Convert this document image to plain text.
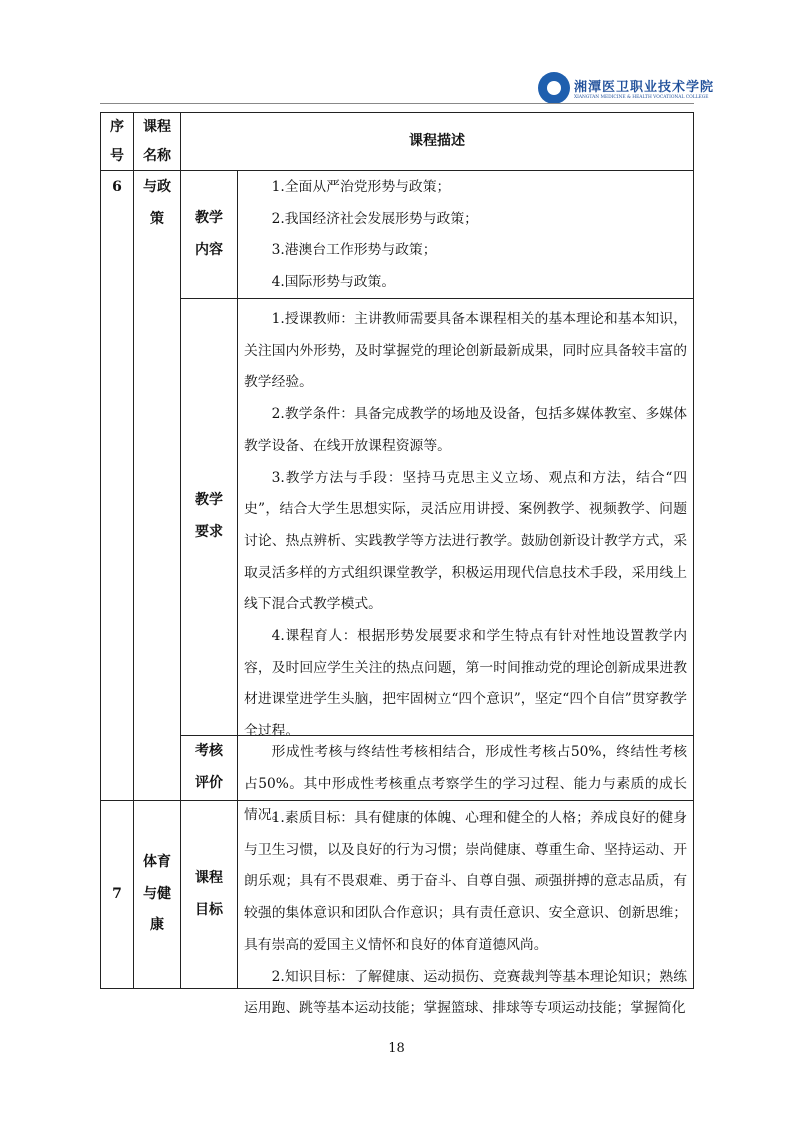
湘潭医卫职业技术学院
XIANGTAN MEDICINE & HEALTH VOCATIONAL COLLEGE
序号
课程名称
课程描述
6	与政策	教学内容

1.全面从严治党形势与政策；

2.我国经济社会发展形势与政策；

3.港澳台工作形势与政策；

4.国际形势与政策。

教学要求

1.授课教师：主讲教师需要具备本课程相关的基本理论和基本知识，关注国内外形势，及时掌握党的理论创新最新成果，同时应具备较丰富的教学经验。

2.教学条件：具备完成教学的场地及设备，包括多媒体教室、多媒体教学设备、在线开放课程资源等。

3.教学方法与手段：坚持马克思主义立场、观点和方法，结合“四史”，结合大学生思想实际，灵活应用讲授、案例教学、视频教学、问题讨论、热点辨析、实践教学等方法进行教学。鼓励创新设计教学方式，采取灵活多样的方式组织课堂教学，积极运用现代信息技术手段，采用线上线下混合式教学模式。

4.课程育人：根据形势发展要求和学生特点有针对性地设置教学内容，及时回应学生关注的热点问题，第一时间推动党的理论创新成果进教材进课堂进学生头脑，把牢固树立“四个意识”，坚定“四个自信”贯穿教学全过程。

考核评价

形成性考核与终结性考核相结合，形成性考核占50%，终结性考核占50%。其中形成性考核重点考察学生的学习过程、能力与素质的成长情况。

7
体育与健康
课程目标

1.素质目标：具有健康的体魄、心理和健全的人格；养成良好的健身与卫生习惯，以及良好的行为习惯；崇尚健康、尊重生命、坚持运动、开朗乐观；具有不畏艰难、勇于奋斗、自尊自强、顽强拼搏的意志品质，有较强的集体意识和团队合作意识；具有责任意识、安全意识、创新思维；具有崇高的爱国主义情怀和良好的体育道德风尚。

2.知识目标：了解健康、运动损伤、竞赛裁判等基本理论知识；熟练运用跑、跳等基本运动技能；掌握篮球、排球等专项运动技能；掌握简化

18
